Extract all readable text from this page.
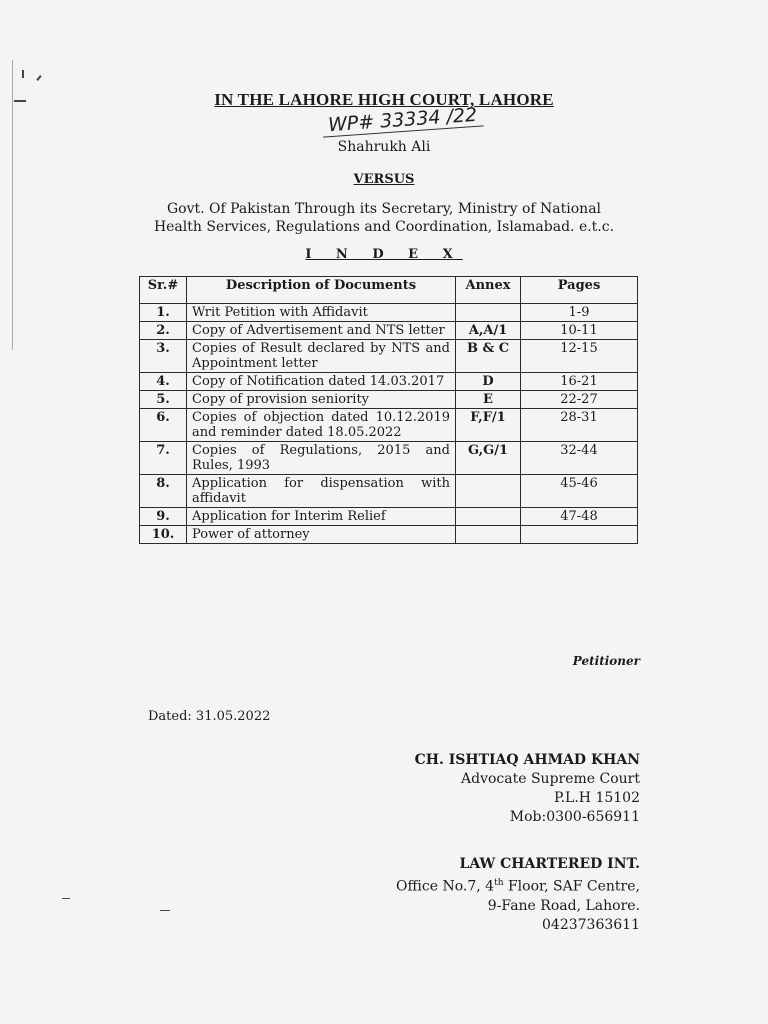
IN THE LAHORE HIGH COURT, LAHORE
WP# 33334 /22
Shahrukh Ali
VERSUS
Govt. Of Pakistan Through its Secretary, Ministry of National
Health Services, Regulations and Coordination, Islamabad. e.t.c.
I N D E X
Sr.#	Description of Documents	Annex	Pages
1.	Writ Petition with Affidavit		1-9
2.	Copy of Advertisement and NTS letter	A,A/1	10-11
3.	Copies of Result declared by NTS and Appointment letter	B & C	12-15
4.	Copy of Notification dated 14.03.2017	D	16-21
5.	Copy of provision seniority	E	22-27
6.	Copies of objection dated 10.12.2019 and reminder dated 18.05.2022	F,F/1	28-31
7.	Copies of Regulations, 2015 and Rules, 1993	G,G/1	32-44
8.	Application for dispensation with affidavit		45-46
9.	Application for Interim Relief		47-48
10.	Power of attorney		
Petitioner
Dated: 31.05.2022
CH. ISHTIAQ AHMAD KHAN
Advocate Supreme Court
P.L.H 15102
Mob:0300-656911
LAW CHARTERED INT.
Office No.7, 4th Floor, SAF Centre,
9-Fane Road, Lahore.
04237363611
